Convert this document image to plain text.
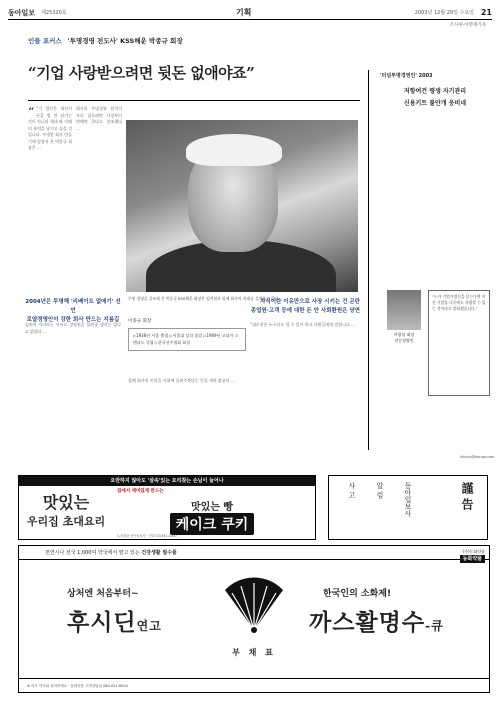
동아일보 제25320호	기획	2003년 12월 29일 수요일 21
조사위·이명재기자
인물 포커스 '투명경영 전도사' KSS해운 박종규 회장
“기업 사랑받으려면 뒷돈 없애야죠”
“ “기 업인은 재산이 돈을 벌 만 남기는 것이 아니라 세대 와 미래의 유익을 남기고 싶을 것입니다. 투명한 회사 만들기에 앞장서 온 박종규 회장은 …
회사의 투명경영 원칙이 자리 잡으려면 사장부터 변해야 한다고 강조했다 …
2004년은 투명해 '리베이트 없애기' 선언
로얄경영인이 강한 회사 만드는 지름길
임원의 자녀라는 이유로 경영권을 물려줄 생각은 없다고 밝혔다 …
투명 경영을 강조해 온 박종규 KSS해운 회장은 임직원과 함께 회사의 미래를 설계하고 있다.
이종규 회장
▷1936년 서울 출생 ▷서울대 상과 졸업 ▷1969년 코리아 스텐다드 설립 ▷한국선주협회 회장
자식이란 이유만으로 사장 시키는 건 곤란
종업원·고객 등에 대한 돈 안 사회환원은 당연
“대로선은 누구라도 될 수 있어 하고 사원들에게 말합니다 …
올해 회사의 이익을 사회에 돌려주겠다는 뜻을 재차 밝혔다 …
'터널투명경영인' 2003
저항여건 평생 자기관리
신용키트 불안개 웅비네
이광섭 회장
전문경영인
“누가 기업가정신을 묻는다면 이건 기업을 나중에도 자랑할 수 있는 것이라고 말하겠습니다.”
kihyuk@donga.com
요란하지 않아도 '살속'있는 요리찾는 손님이 늘어나
맛있는
우리집 초대요리
집에서 재미있게 만드는
맛있는 빵
케이크 쿠키
도서출판 동아일보사 · 전화 02)361-1000
사 고	알 림	동아일보사	謹 告
천연시나 전국 1,000여 약국에서 팔고 있는 건강생활 필수품	(주)동화약품
동화약품
상처엔 처음부터~
후시딘연고
부 채 표
한국인의 소화제!
까스활명수-큐
※ 의사 약사와 상의하세요 · 동화약품 고객상담실 080-021-6004
